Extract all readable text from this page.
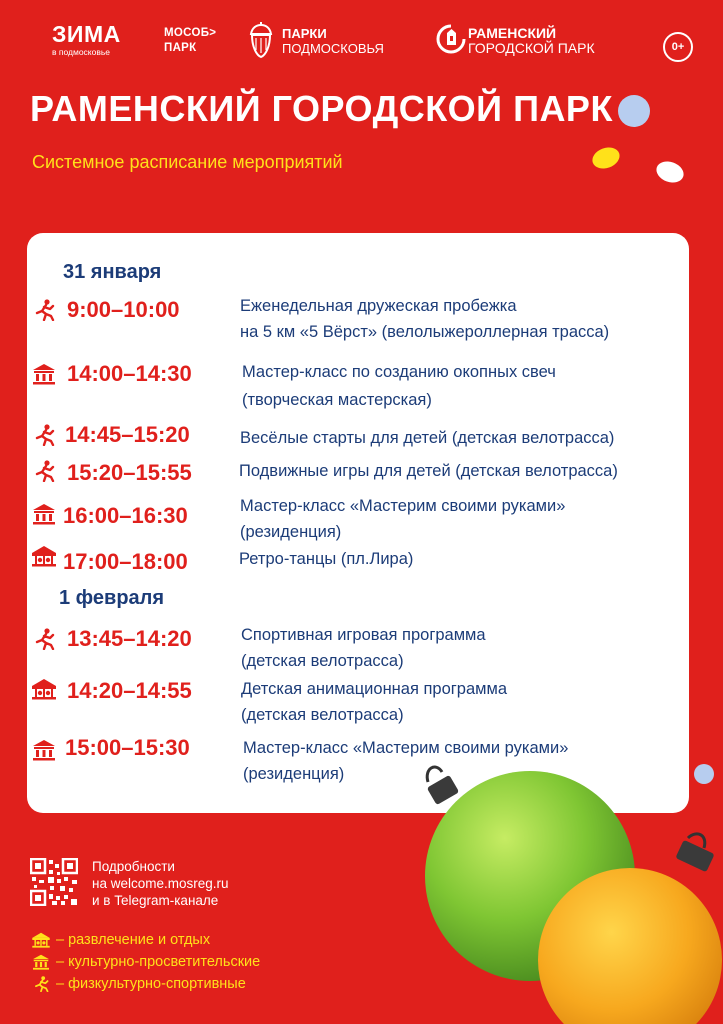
ЗИМА
в подмосковье
МОСОБ>
ПАРК
ПАРКИ
ПОДМОСКОВЬЯ
РАМЕНСКИЙ
ГОРОДСКОЙ ПАРК	0+
РАМЕНСКИЙ ГОРОДСКОЙ ПАРК
Системное расписание мероприятий
31 января
9:00–10:00	Еженедельная дружеская пробежка
на 5 км «5 Вёрст» (велолыжероллерная трасса)
14:00–14:30	Мастер-класс по созданию окопных свеч
(творческая мастерская)
14:45–15:20	Весёлые старты для детей (детская велотрасса)
15:20–15:55	Подвижные игры для детей (детская велотрасса)
16:00–16:30	Мастер-класс «Мастерим своими руками»
(резиденция)
17:00–18:00	Ретро-танцы (пл.Лира)
1 февраля
13:45–14:20	Спортивная игровая программа
(детская велотрасса)
14:20–14:55	Детская анимационная программа
(детская велотрасса)
15:00–15:30	Мастер-класс «Мастерим своими руками»
(резиденция)
Подробности
на welcome.mosreg.ru
и в Telegram-канале
– развлечение и отдых
– культурно-просветительские
– физкультурно-спортивные
